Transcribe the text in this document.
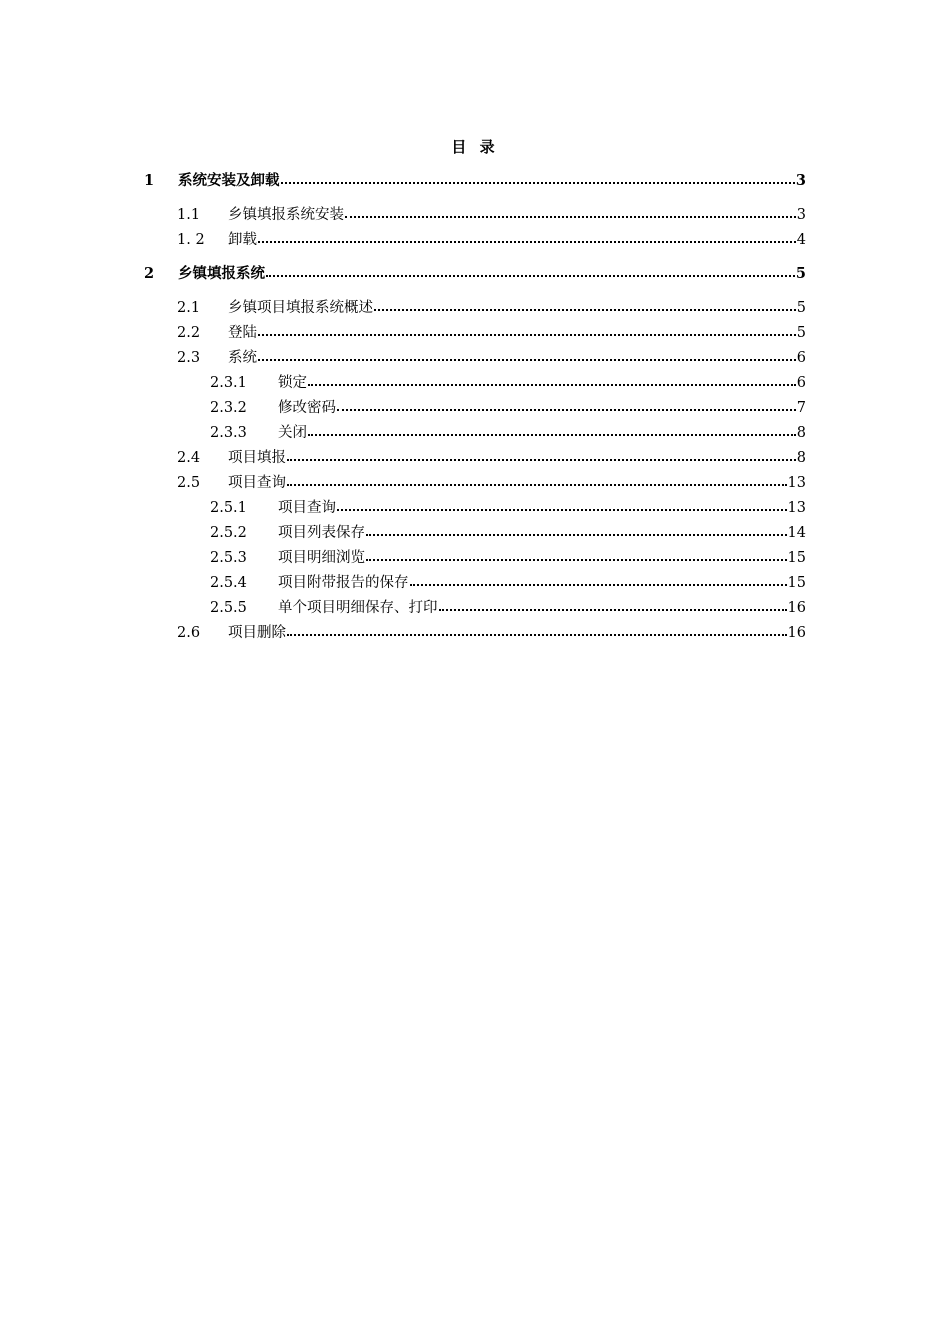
目 录
1	系统安装及卸载	3
1.1	乡镇填报系统安装	3
1. 2	卸载	4
2	乡镇填报系统	5
2.1	乡镇项目填报系统概述	5
2.2	登陆	5
2.3	系统	6
2.3.1	锁定	6
2.3.2	修改密码	7
2.3.3	关闭	8
2.4	项目填报	8
2.5	项目查询	13
2.5.1	项目查询	13
2.5.2	项目列表保存	14
2.5.3	项目明细浏览	15
2.5.4	项目附带报告的保存	15
2.5.5	单个项目明细保存、打印	16
2.6	项目删除	16
